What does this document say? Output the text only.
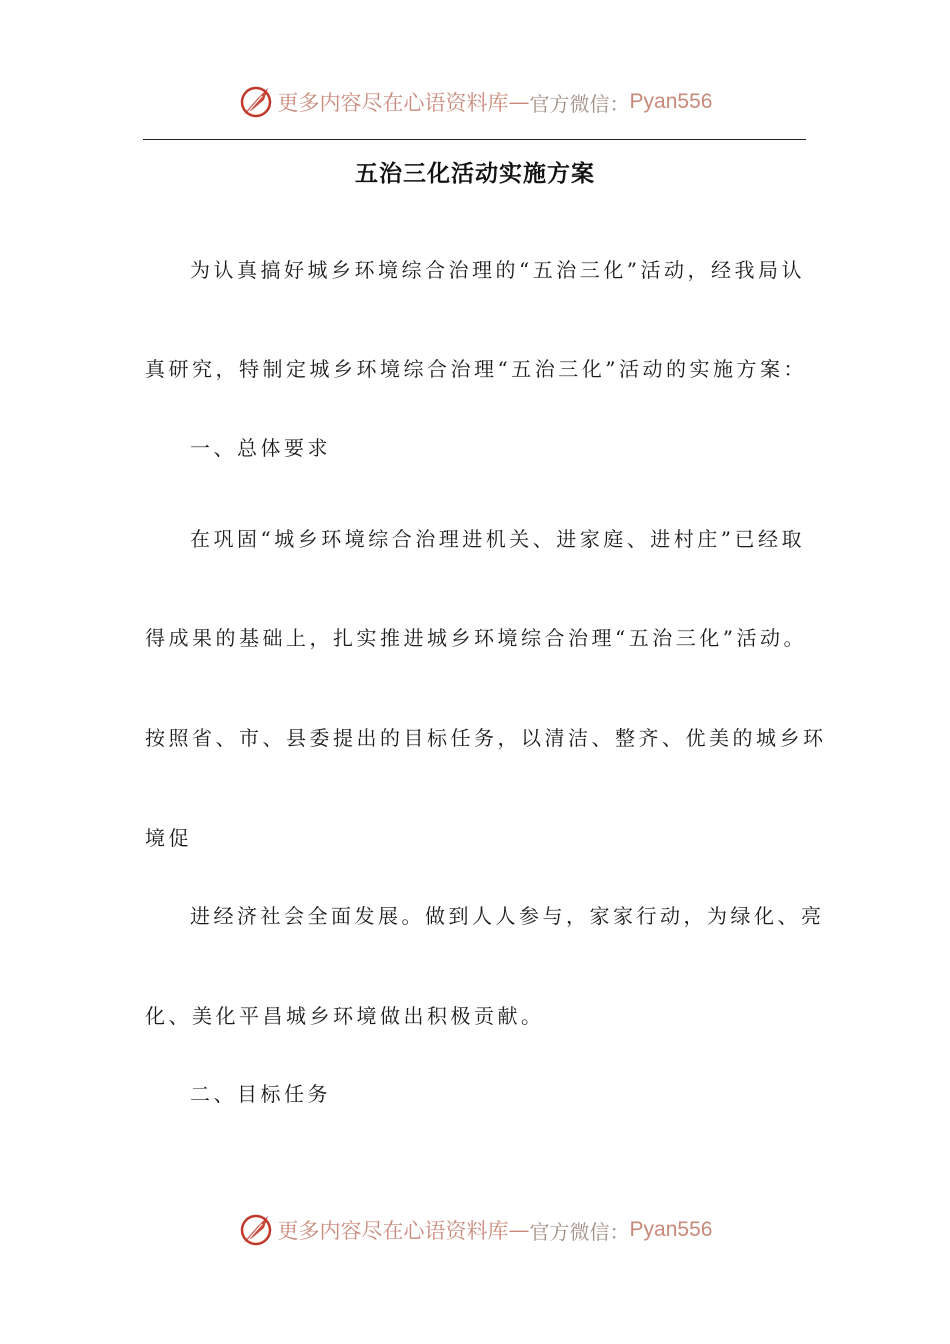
更多内容尽在心语资料库 — 官方微信： Pyan556
五治三化活动实施方案
为认真搞好城乡环境综合治理的“五治三化”活动，经我局认
真研究，特制定城乡环境综合治理“五治三化”活动的实施方案：
一、总体要求
在巩固“城乡环境综合治理进机关、进家庭、进村庄”已经取
得成果的基础上，扎实推进城乡环境综合治理“五治三化”活动。
按照省、市、县委提出的目标任务，以清洁、整齐、优美的城乡环
境促
进经济社会全面发展。做到人人参与，家家行动，为绿化、亮
化、美化平昌城乡环境做出积极贡献。
二、目标任务
更多内容尽在心语资料库 — 官方微信： Pyan556
